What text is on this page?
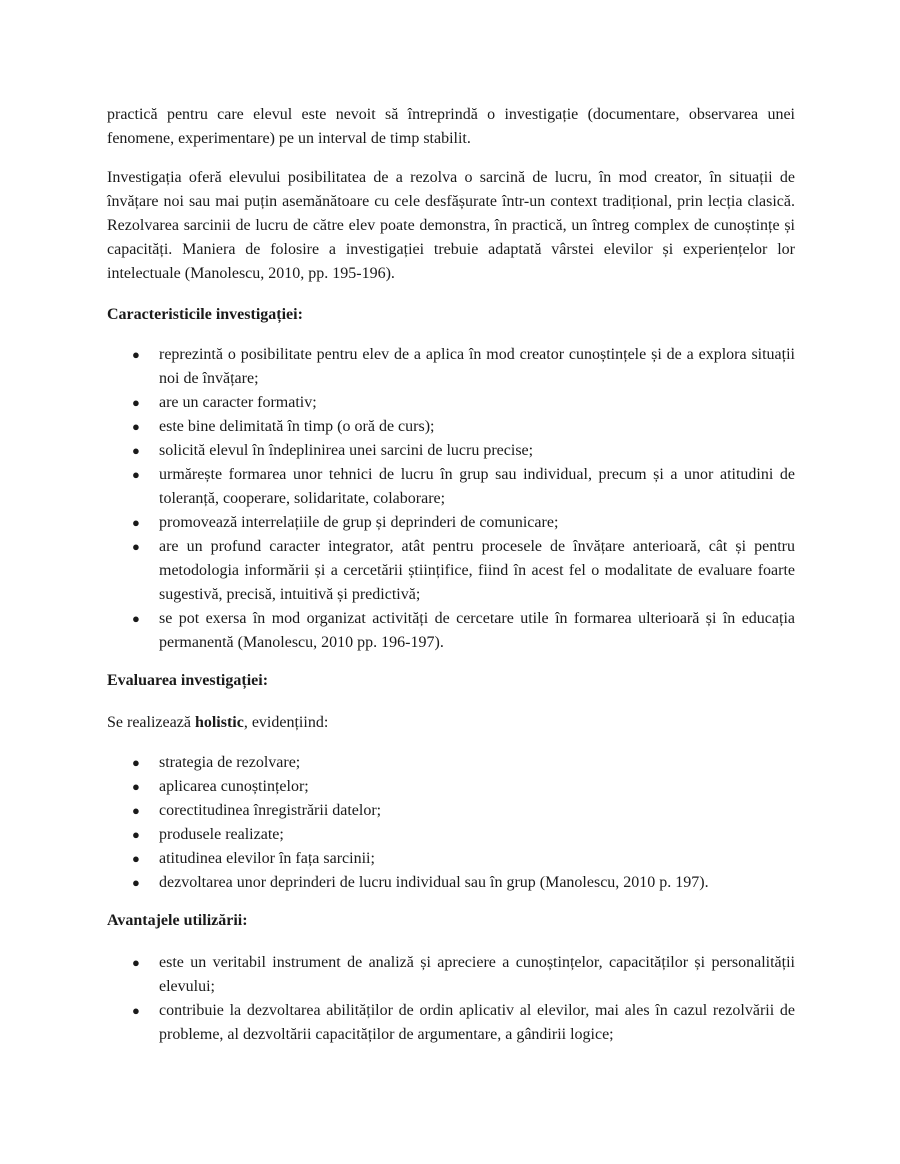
practică pentru care elevul este nevoit să întreprindă o investigație (documentare, observarea unei fenomene, experimentare) pe un interval de timp stabilit.

Investigația oferă elevului posibilitatea de a rezolva o sarcină de lucru, în mod creator, în situații de învățare noi sau mai puțin asemănătoare cu cele desfășurate într-un context tradițional, prin lecția clasică. Rezolvarea sarcinii de lucru de către elev poate demonstra, în practică, un întreg complex de cunoștințe și capacități. Maniera de folosire a investigației trebuie adaptată vârstei elevilor și experiențelor lor intelectuale (Manolescu, 2010, pp. 195-196).

Caracteristicile investigației:
● reprezintă o posibilitate pentru elev de a aplica în mod creator cunoștințele și de a explora situații noi de învățare;
● are un caracter formativ;
● este bine delimitată în timp (o oră de curs);
● solicită elevul în îndeplinirea unei sarcini de lucru precise;
● urmărește formarea unor tehnici de lucru în grup sau individual, precum și a unor atitudini de toleranță, cooperare, solidaritate, colaborare;
● promovează interrelațiile de grup și deprinderi de comunicare;
● are un profund caracter integrator, atât pentru procesele de învățare anterioară, cât și pentru metodologia informării și a cercetării științifice, fiind în acest fel o modalitate de evaluare foarte sugestivă, precisă, intuitivă și predictivă;
● se pot exersa în mod organizat activități de cercetare utile în formarea ulterioară și în educația permanentă (Manolescu, 2010 pp. 196-197).
Evaluarea investigației:

Se realizează holistic, evidențiind:

● strategia de rezolvare;
● aplicarea cunoștințelor;
● corectitudinea înregistrării datelor;
● produsele realizate;
● atitudinea elevilor în fața sarcinii;
● dezvoltarea unor deprinderi de lucru individual sau în grup (Manolescu, 2010 p. 197).
Avantajele utilizării:
● este un veritabil instrument de analiză și apreciere a cunoștințelor, capacităților și personalității elevului;
● contribuie la dezvoltarea abilităților de ordin aplicativ al elevilor, mai ales în cazul rezolvării de probleme, al dezvoltării capacităților de argumentare, a gândirii logice;
